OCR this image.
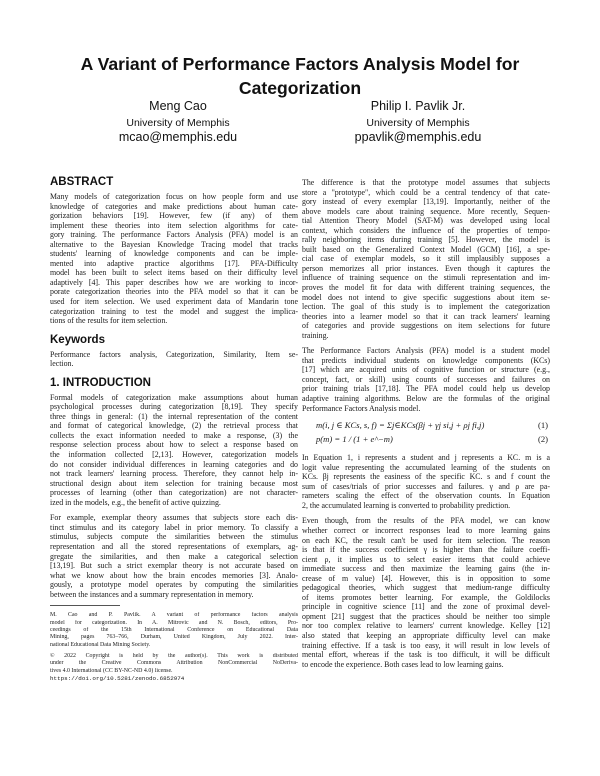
A Variant of Performance Factors Analysis Model for
Categorization
Meng Cao
University of Memphis
mcao@memphis.edu
Philip I. Pavlik Jr.
University of Memphis
ppavlik@memphis.edu
ABSTRACT
Many models of categorization focus on how people form and use
knowledge of categories and make predictions about human cate-
gorization behaviors [19]. However, few (if any) of them
implement these theories into item selection algorithms for cate-
gory training. The performance Factors Analysis (PFA) model is an
alternative to the Bayesian Knowledge Tracing model that tracks
students' learning of knowledge components and can be imple-
mented into adaptive practice algorithms [17]. PFA-Difficulty
model has been built to select items based on their difficulty level
adaptively [4]. This paper describes how we are working to incor-
porate categorization theories into the PFA model so that it can be
used for item selection. We used experiment data of Mandarin tone
categorization training to test the model and suggest the implica-
tions of the results for item selection.
Keywords
Performance factors analysis, Categorization, Similarity, Item se-
lection.
1. INTRODUCTION
Formal models of categorization make assumptions about human
psychological processes during categorization [8,19]. They specify
three things in general: (1) the internal representation of the content
and format of categorical knowledge, (2) the retrieval process that
collects the exact information needed to make a response, (3) the
response selection process about how to select a response based on
the information collected [2,13]. However, categorization models
do not consider individual differences in learning categories and do
not track learners' learning process. Therefore, they cannot help in-
structional design about item selection for training because most
processes of learning (other than categorization) are not character-
ized in the models, e.g., the benefit of active quizzing.
For example, exemplar theory assumes that subjects store each dis-
tinct stimulus and its category label in prior memory. To classify a
stimulus, subjects compute the similarities between the stimulus
representation and all the stored representations of exemplars, ag-
gregate the similarities, and then make a categorical selection
[13,19]. But such a strict exemplar theory is not accurate based on
what we know about how the brain encodes memories [3]. Analo-
gously, a prototype model operates by computing the similarities
between the instances and a summary representation in memory.
M. Cao and P. Pavlik. A variant of performance factors analysis
model for categorization. In A. Mitrovic and N. Bosch, editors, Pro-
ceedings of the 15th International Conference on Educational Data
Mining, pages 763–766, Durham, United Kingdom, July 2022. Inter-
national Educational Data Mining Society.
© 2022 Copyright is held by the author(s). This work is distributed
under the Creative Commons Attribution NonCommercial NoDeriva-
tives 4.0 International (CC BY-NC-ND 4.0) license.
https://doi.org/10.5281/zenodo.6852974
The difference is that the prototype model assumes that subjects
store a "prototype", which could be a central tendency of that cate-
gory instead of every exemplar [13,19]. Importantly, neither of the
above models care about training sequence. More recently, Sequen-
tial Attention Theory Model (SAT-M) was developed using local
context, which considers the influence of the properties of tempo-
rally neighboring items during training [5]. However, the model is
built based on the Generalized Context Model (GCM) [16], a spe-
cial case of exemplar models, so it still implausibly supposes a
person memorizes all prior instances. Even though it captures the
influence of training sequence on the stimuli representation and im-
proves the model fit for data with different training sequences, the
model does not intend to give specific suggestions about item se-
lection. The goal of this study is to implement the categorization
theories into a learner model so that it can track learners' learning
of categories and provide suggestions on item selections for future
training.
The Performance Factors Analysis (PFA) model is a student model
that predicts individual students on knowledge components (KCs)
[17] which are acquired units of cognitive function or structure (e.g.,
concept, fact, or skill) using counts of successes and failures on
prior training trials [17,18]. The PFA model could help us develop
adaptive training algorithms. Below are the formulas of the original
Performance Factors Analysis model.
m(i, j ∈ KCs, s, f) = Σj∈KCs(βj + γj si,j + ρj fi,j)	(1)
p(m) = 1 / (1 + e^−m)	(2)
In Equation 1, i represents a student and j represents a KC. m is a
logit value representing the accumulated learning of the students on
KCs. βj represents the easiness of the specific KC. s and f count the
sum of cases/trials of prior successes and failures. γ and ρ are pa-
rameters scaling the effect of the observation counts. In Equation
2, the accumulated learning is converted to probability prediction.
Even though, from the results of the PFA model, we can know
whether correct or incorrect responses lead to more learning gains
on each KC, the result can't be used for item selection. The reason
is that if the success coefficient γ is higher than the failure coeffi-
cient ρ, it implies us to select easier items that could achieve
immediate success and then maximize the learning gains (the in-
crease of m value) [4]. However, this is in opposition to some
pedagogical theories, which suggest that medium-range difficulty
of items promotes better learning. For example, the Goldilocks
principle in cognitive science [11] and the zone of proximal devel-
opment [21] suggest that the practices should be neither too simple
nor too complex relative to learners' current knowledge. Kelley [12]
also stated that keeping an appropriate difficulty level can make
training effective. If a task is too easy, it will result in low levels of
mental effort, whereas if the task is too difficult, it will be difficult
to encode the experience. Both cases lead to low learning gains.
